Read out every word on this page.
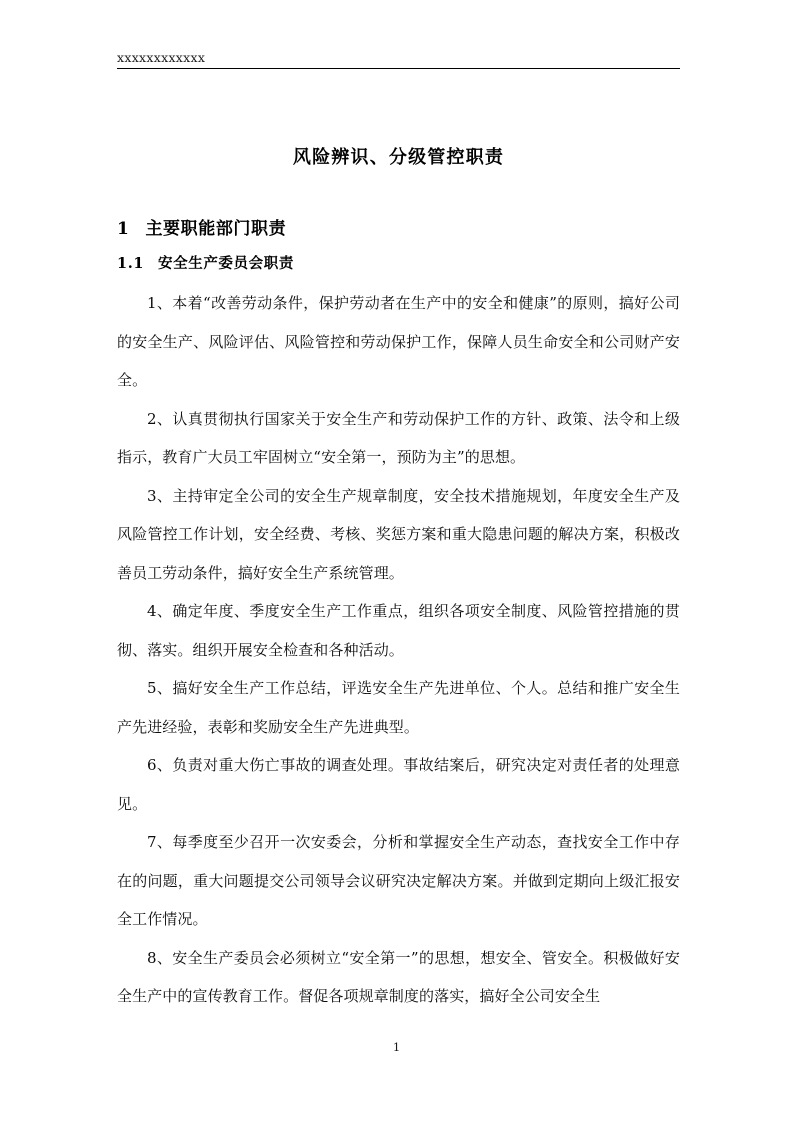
xxxxxxxxxxxx
风险辨识、分级管控职责
1 主要职能部门职责
1.1 安全生产委员会职责

1、本着“改善劳动条件，保护劳动者在生产中的安全和健康”的原则，搞好公司的安全生产、风险评估、风险管控和劳动保护工作，保障人员生命安全和公司财产安全。

2、认真贯彻执行国家关于安全生产和劳动保护工作的方针、政策、法令和上级指示，教育广大员工牢固树立“安全第一，预防为主”的思想。

3、主持审定全公司的安全生产规章制度，安全技术措施规划，年度安全生产及风险管控工作计划，安全经费、考核、奖惩方案和重大隐患问题的解决方案，积极改善员工劳动条件，搞好安全生产系统管理。

4、确定年度、季度安全生产工作重点，组织各项安全制度、风险管控措施的贯彻、落实。组织开展安全检查和各种活动。

5、搞好安全生产工作总结，评选安全生产先进单位、个人。总结和推广安全生产先进经验，表彰和奖励安全生产先进典型。

6、负责对重大伤亡事故的调查处理。事故结案后，研究决定对责任者的处理意见。

7、每季度至少召开一次安委会，分析和掌握安全生产动态，查找安全工作中存在的问题，重大问题提交公司领导会议研究决定解决方案。并做到定期向上级汇报安全工作情况。

8、安全生产委员会必须树立“安全第一”的思想，想安全、管安全。积极做好安全生产中的宣传教育工作。督促各项规章制度的落实，搞好全公司安全生

1
